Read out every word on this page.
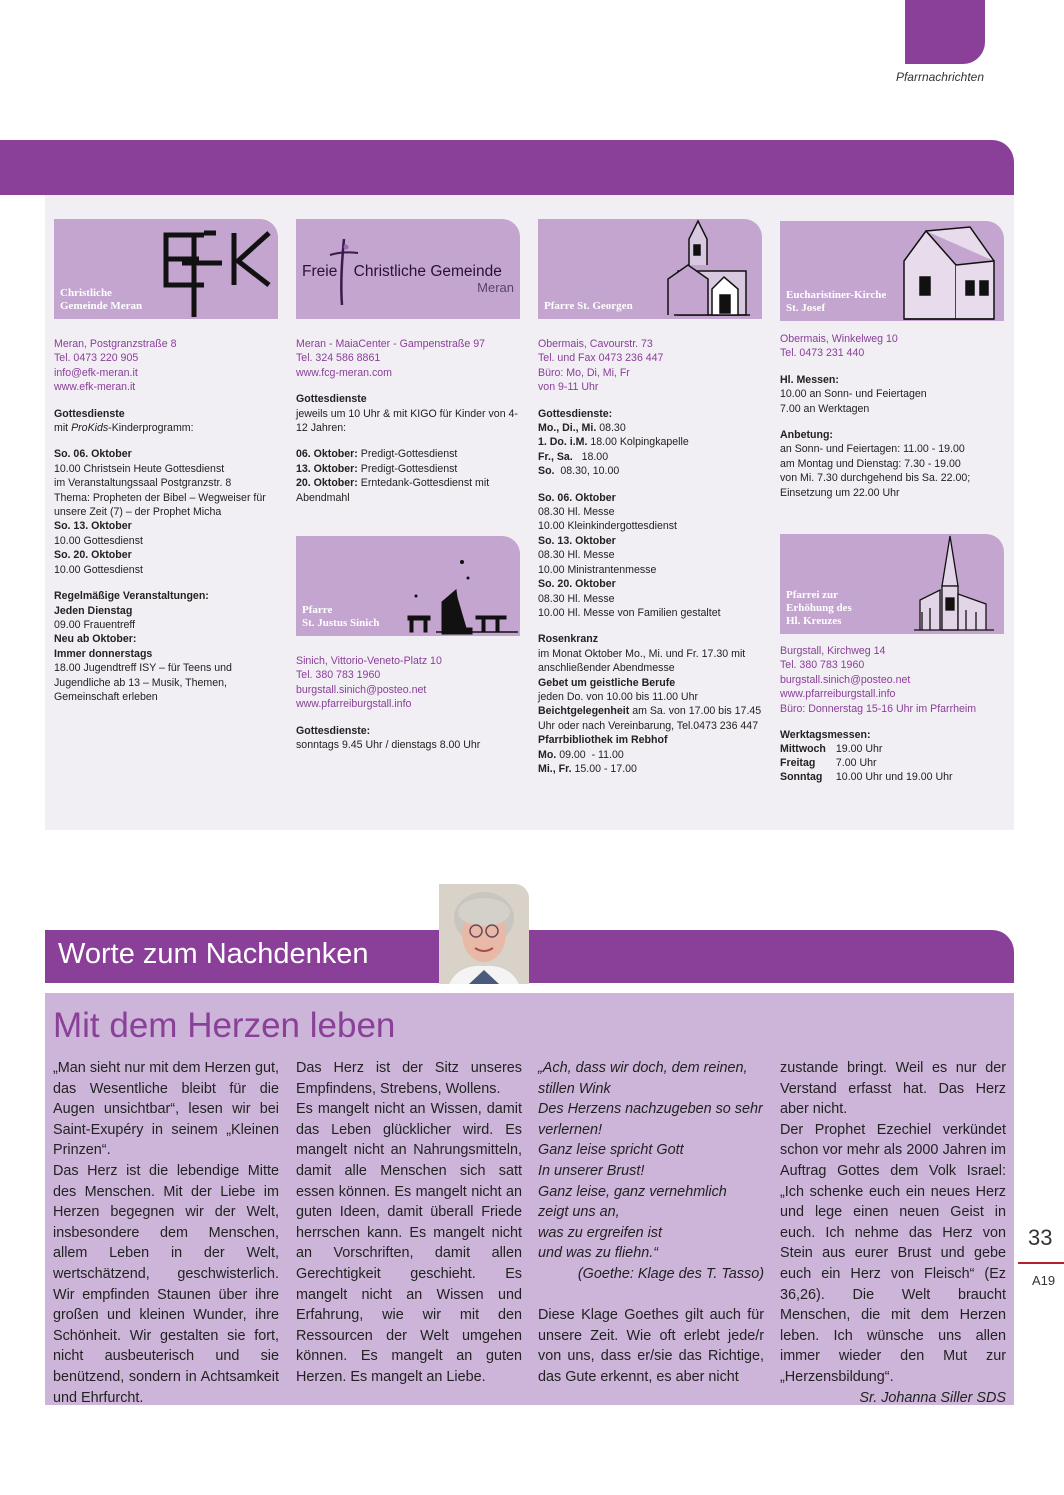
Pfarrnachrichten
Christliche
Gemeinde Meran
Freie Christliche Gemeinde
Meran
Pfarre St. Georgen
Eucharistiner-Kirche
St. Josef
Pfarre
St. Justus Sinich
Pfarrei zur
Erhöhung des
Hl. Kreuzes
Meran, Postgranzstraße 8
Tel. 0473 220 905
info@efk-meran.it
www.efk-meran.it
Gottesdienste
mit ProKids-Kinderprogramm:
So. 06. Oktober
10.00 Christsein Heute Gottesdienst
im Veranstaltungssaal Postgranzstr. 8
Thema: Propheten der Bibel – Wegweiser für unsere Zeit (7) – der Prophet Micha
So. 13. Oktober
10.00 Gottesdienst
So. 20. Oktober
10.00 Gottesdienst
Regelmäßige Veranstaltungen:
Jeden Dienstag
09.00 Frauentreff
Neu ab Oktober:
Immer donnerstags
18.00 Jugendtreff ISY – für Teens und Jugendliche ab 13 – Musik, Themen, Gemeinschaft erleben
Meran - MaiaCenter - Gampenstraße 97
Tel. 324 586 8861
www.fcg-meran.com
Gottesdienste
jeweils um 10 Uhr & mit KIGO für Kinder von 4-12 Jahren:
06. Oktober: Predigt-Gottesdienst
13. Oktober: Predigt-Gottesdienst
20. Oktober: Erntedank-Gottesdienst mit Abendmahl
Sinich, Vittorio-Veneto-Platz 10
Tel. 380 783 1960
burgstall.sinich@posteo.net
www.pfarreiburgstall.info
Gottesdienste:
sonntags 9.45 Uhr / dienstags 8.00 Uhr
Obermais, Cavourstr. 73
Tel. und Fax 0473 236 447
Büro: Mo, Di, Mi, Fr
von 9-11 Uhr
Gottesdienste:
Mo., Di., Mi. 08.30
1. Do. i.M. 18.00 Kolpingkapelle
Fr., Sa.   18.00
So.  08.30, 10.00
So. 06. Oktober
08.30 Hl. Messe
10.00 Kleinkindergottesdienst
So. 13. Oktober
08.30 Hl. Messe
10.00 Ministrantenmesse
So. 20. Oktober
08.30 Hl. Messe
10.00 Hl. Messe von Familien gestaltet
Rosenkranz
im Monat Oktober Mo., Mi. und Fr. 17.30 mit anschließender Abendmesse
Gebet um geistliche Berufe
jeden Do. von 10.00 bis 11.00 Uhr
Beichtgelegenheit am Sa. von 17.00 bis 17.45 Uhr oder nach Vereinbarung, Tel.0473 236 447
Pfarrbibliothek im Rebhof
Mo. 09.00  - 11.00
Mi., Fr. 15.00 - 17.00
Obermais, Winkelweg 10
Tel. 0473 231 440
Hl. Messen:
10.00 an Sonn- und Feiertagen
7.00 an Werktagen
Anbetung:
an Sonn- und Feiertagen: 11.00 - 19.00
am Montag und Dienstag: 7.30 - 19.00
von Mi. 7.30 durchgehend bis Sa. 22.00;
Einsetzung um 22.00 Uhr
Burgstall, Kirchweg 14
Tel. 380 783 1960
burgstall.sinich@posteo.net
www.pfarreiburgstall.info
Büro: Donnerstag 15-16 Uhr im Pfarrheim
Werktagsmessen:
Mittwoch	19.00 Uhr
Freitag	7.00 Uhr
Sonntag	10.00 Uhr und 19.00 Uhr
Worte zum Nachdenken
Mit dem Herzen leben

„Man sieht nur mit dem Herzen gut, das Wesentliche bleibt für die Augen unsichtbar“, lesen wir bei Saint-Exupéry in seinem „Kleinen Prinzen“.

Das Herz ist die lebendige Mitte des Menschen. Mit der Liebe im Herzen begegnen wir der Welt, insbesondere dem Menschen, allem Leben in der Welt, wertschätzend, geschwisterlich. Wir empfinden Staunen über ihre großen und kleinen Wunder, ihre Schönheit. Wir gestalten sie fort, nicht ausbeuterisch und sie benützend, sondern in Achtsamkeit und Ehrfurcht.

Das Herz ist der Sitz unseres Empfindens, Strebens, Wollens.

Es mangelt nicht an Wissen, damit das Leben glücklicher wird. Es mangelt nicht an Nahrungsmitteln, damit alle Menschen sich satt essen können. Es mangelt nicht an guten Ideen, damit überall Friede herrschen kann. Es mangelt nicht an Vorschriften, damit allen Gerechtigkeit geschieht. Es mangelt nicht an Wissen und Erfahrung, wie wir mit den Ressourcen der Welt umgehen können. Es mangelt an guten Herzen. Es mangelt an Liebe.

„Ach, dass wir doch, dem reinen,
stillen Wink
Des Herzens nachzugeben so sehr
verlernen!
Ganz leise spricht Gott
In unserer Brust!
Ganz leise, ganz vernehmlich
zeigt uns an,
was zu ergreifen ist
und was zu fliehn.“
(Goethe: Klage des T. Tasso)

Diese Klage Goethes gilt auch für unsere Zeit. Wie oft erlebt jede/r von uns, dass er/sie das Richtige, das Gute erkennt, es aber nicht

zustande bringt. Weil es nur der Verstand erfasst hat. Das Herz aber nicht.

Der Prophet Ezechiel verkündet schon vor mehr als 2000 Jahren im Auftrag Gottes dem Volk Israel: „Ich schenke euch ein neues Herz und lege einen neuen Geist in euch. Ich nehme das Herz von Stein aus eurer Brust und gebe euch ein Herz von Fleisch“ (Ez 36,26). Die Welt braucht Menschen, die mit dem Herzen leben. Ich wünsche uns allen immer wieder den Mut zur „Herzensbildung“.

Sr. Johanna Siller SDS

33
A19
